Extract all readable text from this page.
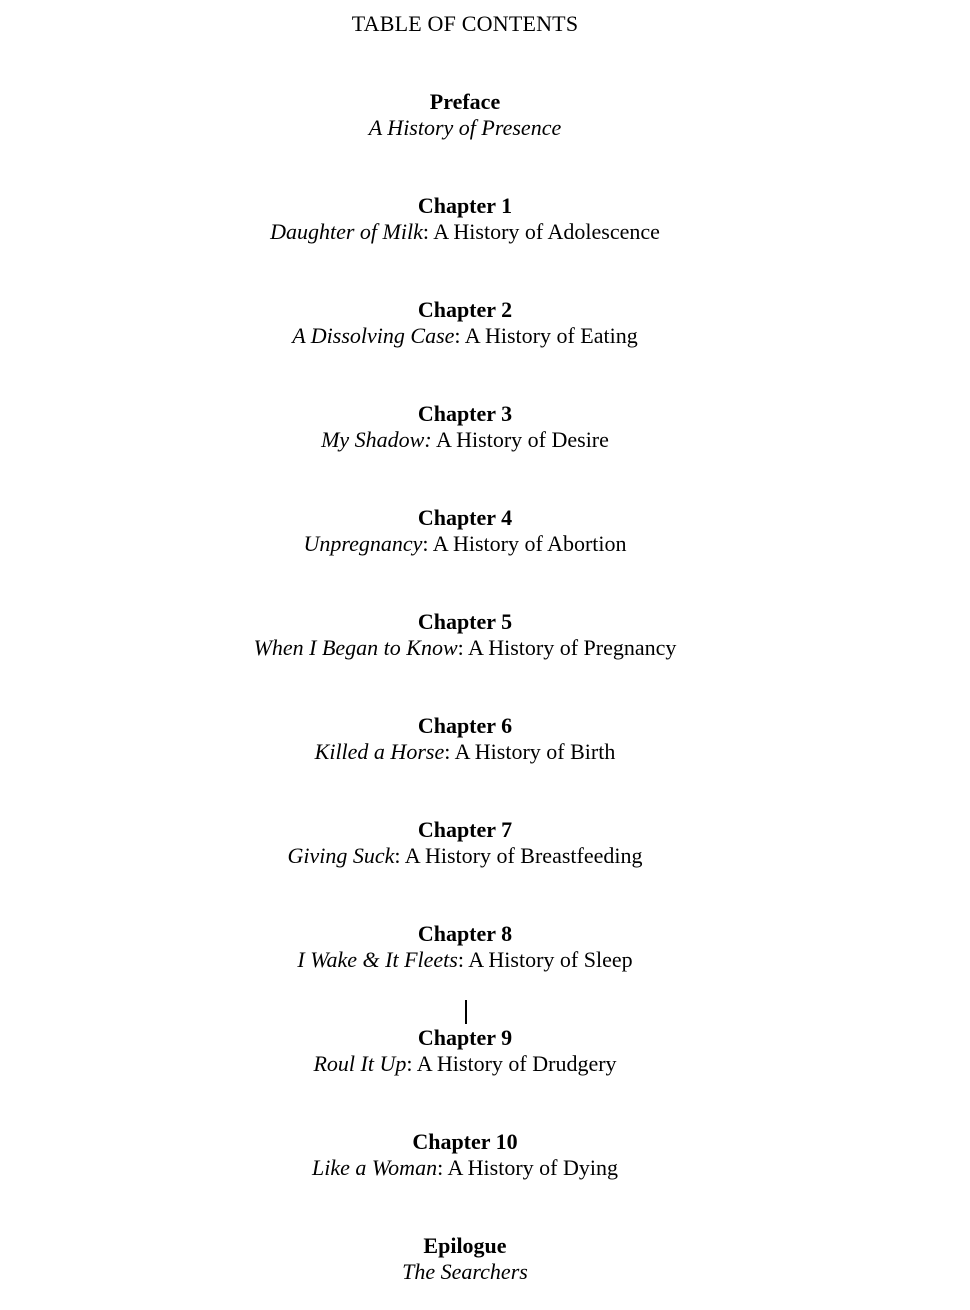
TABLE OF CONTENTS
Preface
A History of Presence
Chapter 1
Daughter of Milk: A History of Adolescence
Chapter 2
A Dissolving Case: A History of Eating
Chapter 3
My Shadow: A History of Desire
Chapter 4
Unpregnancy: A History of Abortion
Chapter 5
When I Began to Know: A History of Pregnancy
Chapter 6
Killed a Horse: A History of Birth
Chapter 7
Giving Suck: A History of Breastfeeding
Chapter 8
I Wake & It Fleets: A History of Sleep
Chapter 9
Roul It Up: A History of Drudgery
Chapter 10
Like a Woman: A History of Dying
Epilogue
The Searchers
